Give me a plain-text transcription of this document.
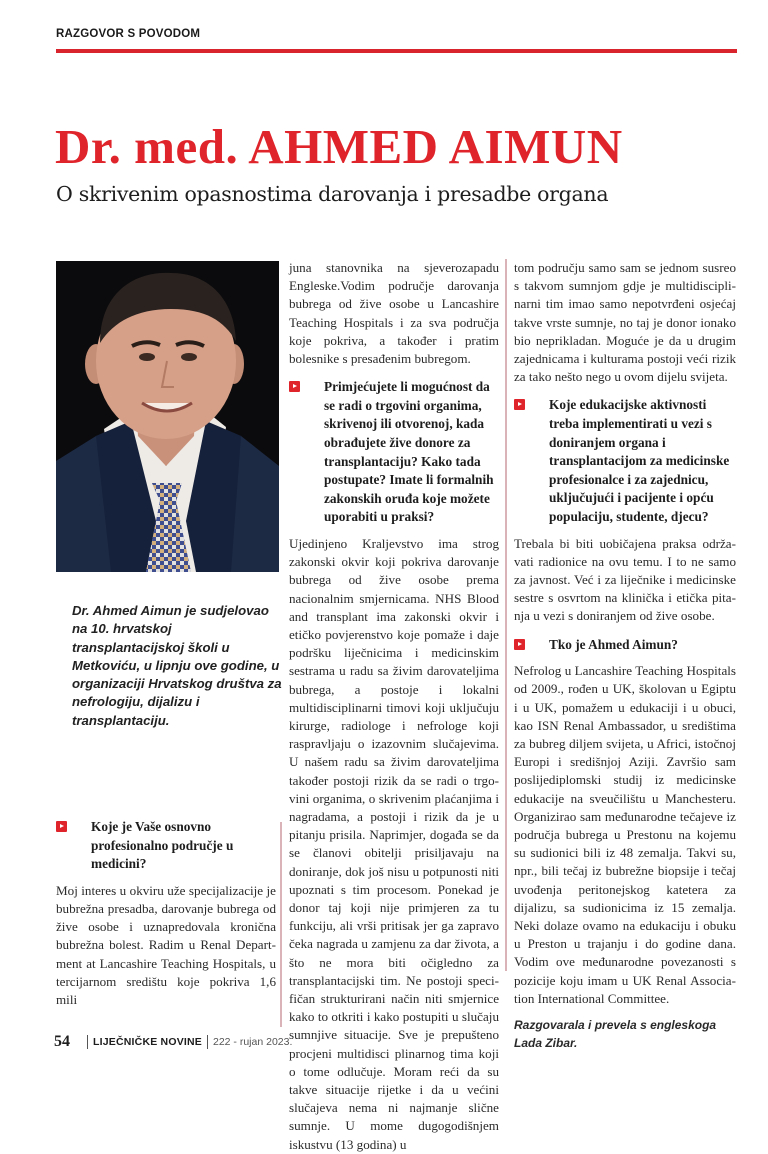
RAZGOVOR S POVODOM
Dr. med. AHMED AIMUN
O skrivenim opasnostima darovanja i presadbe organa
Dr. Ahmed Aimun je sudjelovao na 10. hrvatskoj transplantacijskoj školi u Metkoviću, u lipnju ove godine, u organizaciji Hrvatskog društva za nefrologiju, dijalizu i transplantaciju.

Koje je Vaše osnovno profesionalno područje u medicini?

Moj interes u okviru uže specijalizacije je bubrežna presadba, darovanje bubrega od žive osobe i uznapredovala kronična bubrežna bolest. Radim u Renal Department at Lancashire Teaching Hospitals, u tercijarnom središtu koje pokriva 1,6 mili

juna stanovnika na sjeverozapadu Engleske.Vodim područje darovanja bubrega od žive osobe u Lancashire Teaching Hospitals i za sva područja koje pokriva, a također i pratim bolesnike s presađenim bubregom.

Primjećujete li mogućnost da se radi o trgovini organima, skrivenoj ili otvorenoj, kada obrađujete žive donore za transplantaciju? Kako tada postupate? Imate li formalnih zakonskih oruđa koje možete uporabiti u praksi?

Ujedinjeno Kraljevstvo ima strog zakonski okvir koji pokriva darovanje bubrega od žive osobe prema nacionalnim smjernicama. NHS Blood and transplant ima zakonski okvir i etičko povjerenstvo koje pomaže i daje podršku liječnicima i medicinskim sestrama u radu sa živim darovateljima bubrega, a postoje i lokalni multidisciplinarni timovi koji uključuju kirurge, radiologe i nefrologe koji raspravljaju o izazovnim slučajevima. U našem radu sa živim darovateljima također postoji rizik da se radi o trgovini organima, o skrivenim plaćanjima i nagradama, a postoji i rizik da je u pitanju prisila. Naprimjer, događa se da se članovi obitelji prisiljavaju na doniranje, dok još nisu u potpunosti niti upoznati s tim procesom. Ponekad je donor taj koji nije primjeren za tu funkciju, ali vrši pritisak jer ga zapravo čeka nagrada u zamjenu za dar života, a što ne mora biti očigledno za transplantacijski tim. Ne postoji specifičan strukturirani način niti smjernice kako to otkriti i kako postupiti u slučaju sumnjive situacije. Sve je prepušteno procjeni multidisci plinarnog tima koji o tome odlučuje. Moram reći da su takve situacije rijetke i da u većini slučajeva nema ni najmanje slične sumnje. U mome dugogodišnjem iskustvu (13 godina) u

tom području samo sam se jednom susreo s takvom sumnjom gdje je multidisciplinarni tim imao samo nepotvrđeni osjećaj takve vrste sumnje, no taj je donor ionako bio neprikladan. Moguće je da u drugim zajednicama i kulturama postoji veći rizik za tako nešto nego u ovom dijelu svijeta.

Koje edukacijske aktivnosti treba implementirati u vezi s doniranjem organa i transplantacijom za medicinske profesionalce i za zajednicu, uključujući i pacijente i opću populaciju, studente, djecu?

Trebala bi biti uobičajena praksa održavati radionice na ovu temu. I to ne samo za javnost. Već i za liječnike i medicinske sestre s osvrtom na klinička i etička pitanja u vezi s doniranjem od žive osobe.

Tko je Ahmed Aimun?

Nefrolog u Lancashire Teaching Hospitals od 2009., rođen u UK, školovan u Egiptu i u UK, pomažem u edukaciji i u obuci, kao ISN Renal Ambassador, u središtima za bubreg diljem svijeta, u Africi, istočnoj Europi i središnjoj Aziji. Završio sam poslijediplomski studij iz medicinske edukacije na sveučilištu u Manchesteru. Organizirao sam međunarodne tečajeve iz područja bubrega u Prestonu na kojemu su sudionici bili iz 48 zemalja. Takvi su, npr., bili tečaj iz bubrežne biopsije i tečaj uvođenja peritonejskog katetera za dijalizu, sa sudionicima iz 15 zemalja. Neki dolaze ovamo na edukaciju i obuku u Preston u trajanju i do godine dana. Vodim ove međunarodne povezanosti s pozicije koju imam u UK Renal Association International Committee.

Razgovarala i prevela s engleskoga Lada Zibar.

54 LIJEČNIČKE NOVINE 222 - rujan 2023.
